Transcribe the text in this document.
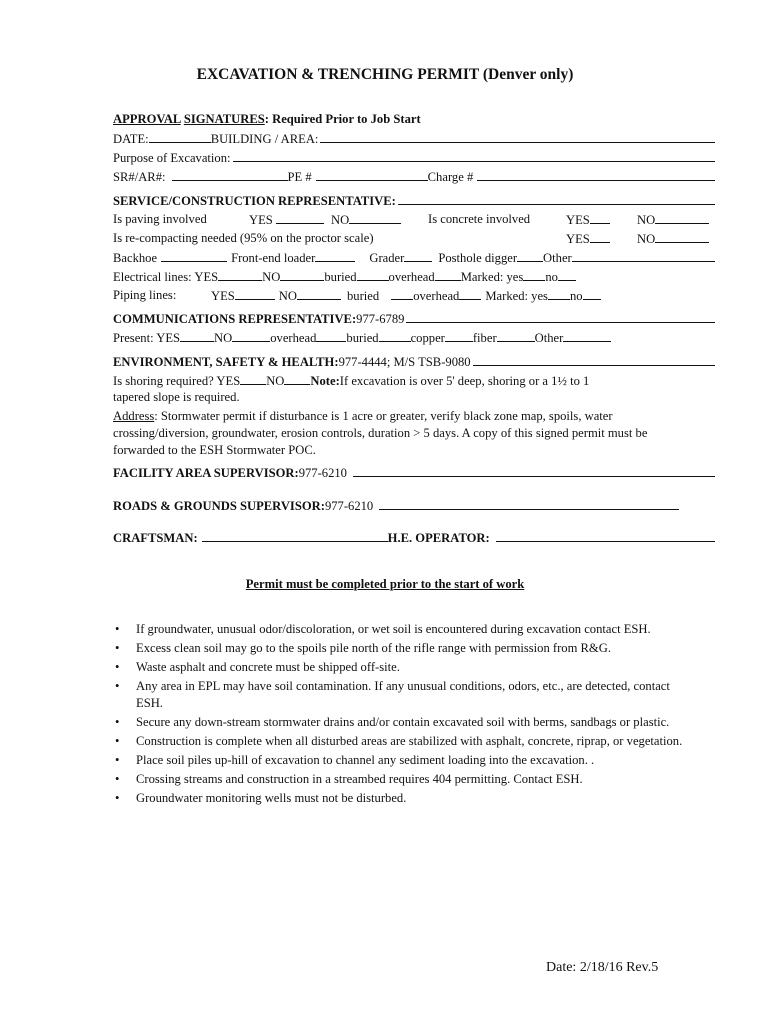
EXCAVATION & TRENCHING PERMIT (Denver only)
APPROVAL SIGNATURES: Required Prior to Job Start
DATE:	BUILDING / AREA:
Purpose of Excavation:
SR#/AR#:	PE #	Charge #
SERVICE/CONSTRUCTION REPRESENTATIVE:
Is paving involved	YES	NO	Is concrete involved	YES	NO
Is re-compacting needed (95% on the proctor scale)	YES	NO
Backhoe	Front-end loader	Grader	Posthole digger Other
Electrical lines: YES	NO	buried	overhead Marked: yes no
Piping lines:	YES	NO	buried	overhead Marked: yes no
COMMUNICATIONS REPRESENTATIVE: 977-6789
Present: YES	NO	overhead buried	copper fiber	Other
ENVIRONMENT, SAFETY & HEALTH: 977-4444; M/S TSB-9080
Is shoring required? YES NO Note: If excavation is over 5' deep, shoring or a 1½ to 1
tapered slope is required.
Address: Stormwater permit if disturbance is 1 acre or greater, verify black zone map, spoils, water crossing/diversion, groundwater, erosion controls, duration > 5 days. A copy of this signed permit must be forwarded to the ESH Stormwater POC.
FACILITY AREA SUPERVISOR: 977-6210
ROADS & GROUNDS SUPERVISOR: 977-6210
CRAFTSMAN:	H.E. OPERATOR:
Permit must be completed prior to the start of work
• If groundwater, unusual odor/discoloration, or wet soil is encountered during excavation contact ESH.
• Excess clean soil may go to the spoils pile north of the rifle range with permission from R&G.
• Waste asphalt and concrete must be shipped off-site.
• Any area in EPL may have soil contamination. If any unusual conditions, odors, etc., are detected, contact ESH.
• Secure any down-stream stormwater drains and/or contain excavated soil with berms, sandbags or plastic.
• Construction is complete when all disturbed areas are stabilized with asphalt, concrete, riprap, or vegetation.
• Place soil piles up-hill of excavation to channel any sediment loading into the excavation. .
• Crossing streams and construction in a streambed requires 404 permitting. Contact ESH.
• Groundwater monitoring wells must not be disturbed.
Date: 2/18/16 Rev.5
